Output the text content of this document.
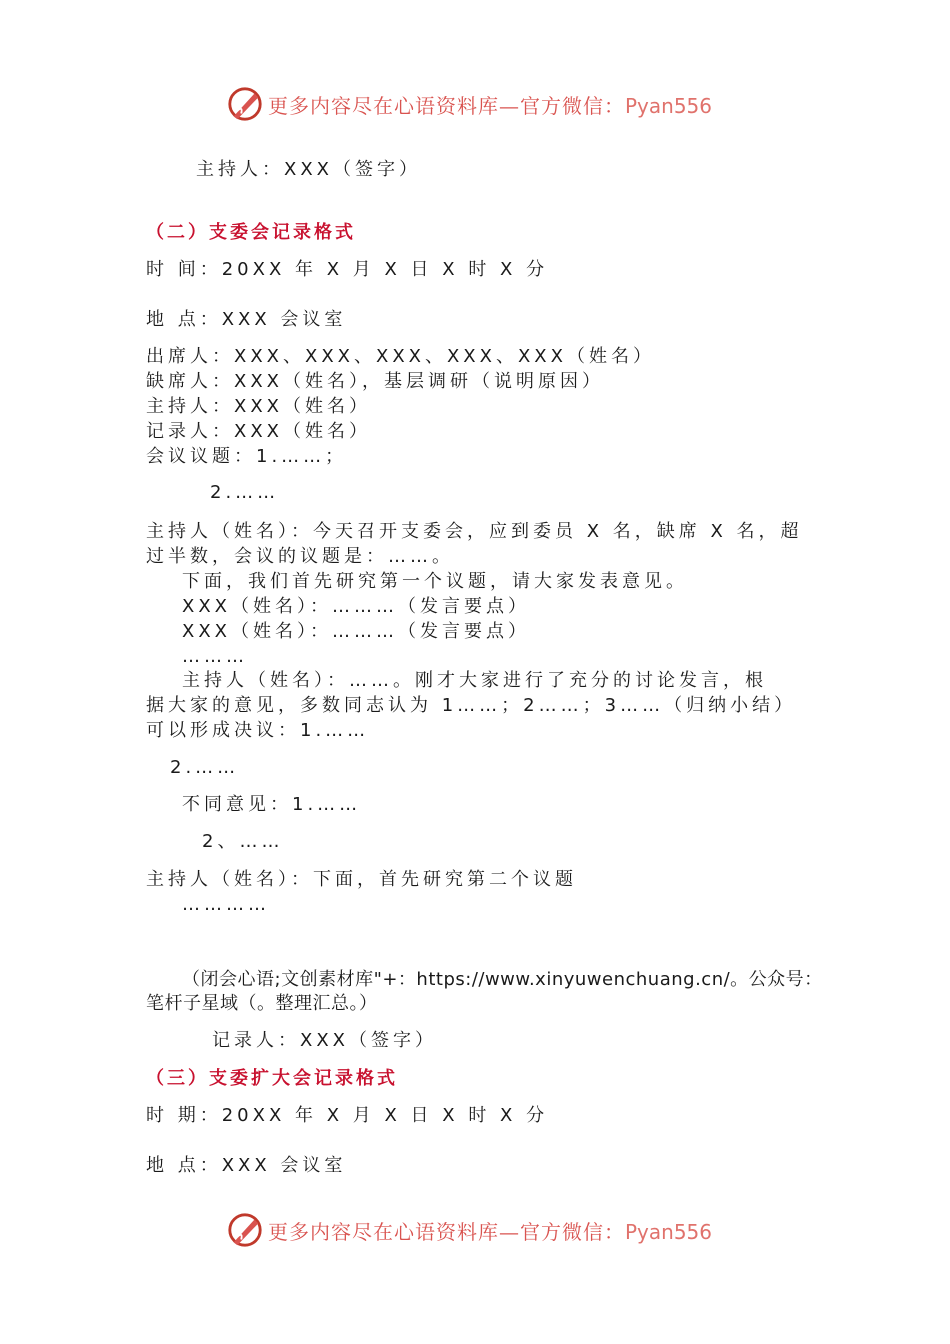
更多内容尽在心语资料库—官方微信：Pyan556
主持人：XXX（签字）
（二）支委会记录格式
时 间：20XX 年 X 月 X 日 X 时 X 分
地 点：XXX 会议室
出席人：XXX、XXX、XXX、XXX、XXX（姓名）
缺席人：XXX（姓名），基层调研（说明原因）
主持人：XXX（姓名）
记录人：XXX（姓名）
会议议题：1.……；
2.……
主持人（姓名）：今天召开支委会，应到委员 X 名，缺席 X 名，超
过半数，会议的议题是：……。
下面，我们首先研究第一个议题，请大家发表意见。
XXX（姓名）：………（发言要点）
XXX（姓名）：………（发言要点）
………
主持人（姓名）：……。刚才大家进行了充分的讨论发言，根
据大家的意见，多数同志认为 1……；2……；3……（归纳小结）
可以形成决议：1.……
2.……
不同意见：1.……
2、……
主持人（姓名）：下面，首先研究第二个议题
…………
（闭会心语;文创素材库"+：https://www.xinyuwenchuang.cn/。公众号：
笔杆子星域（。整理汇总。）
记录人：XXX（签字）
（三）支委扩大会记录格式
时 期：20XX 年 X 月 X 日 X 时 X 分
地 点：XXX 会议室
更多内容尽在心语资料库—官方微信：Pyan556
